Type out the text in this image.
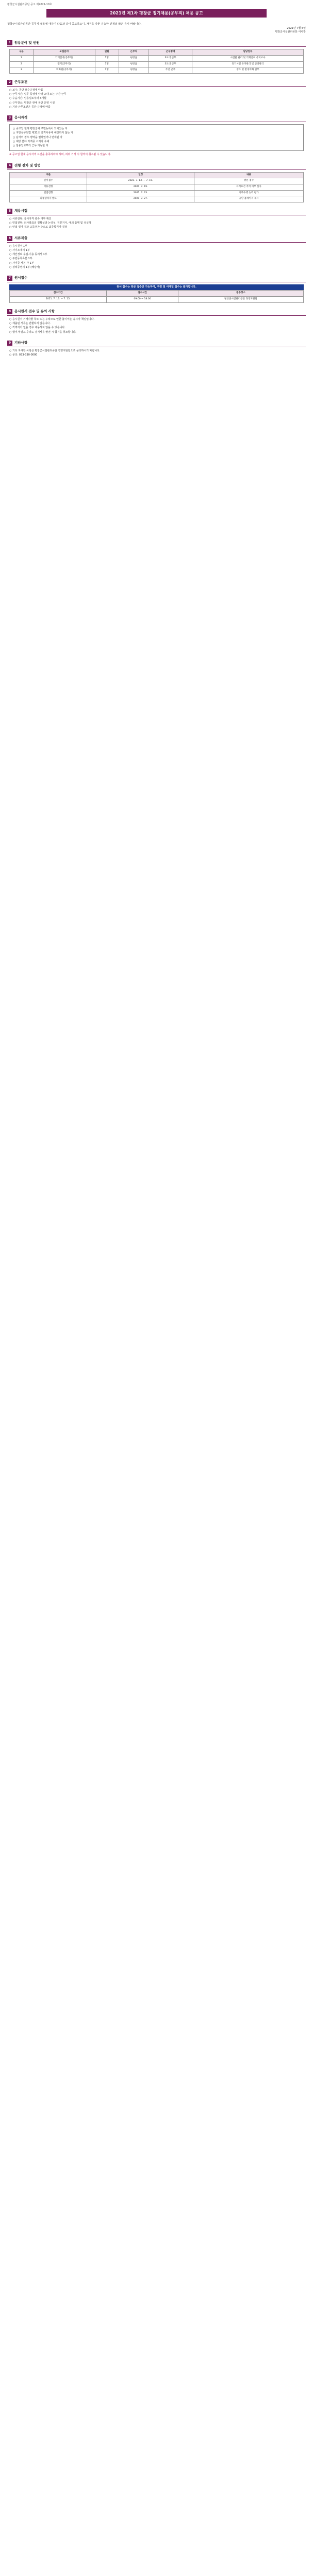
평창군시설관리공단 공고 제2021-10호
2021년 제1차 평창군 정기채용(공무직) 채용 공고
평창군시설관리공단 공무직 채용에 대하여 다음과 같이 공고하오니, 자격을 갖춘 유능한 인재의 많은 응시 바랍니다.
2021년 7월 6일
평창군시설관리공단 이사장
1	임용분야 및 인원
구분	모집분야	인원	근무처	근무형태	담당업무
1	기계설비(공무직)	1명	평창읍	3교대 근무	시설물 관리 및 기계설비 유지보수
2	전기(공무직)	1명	평창읍	3교대 근무	전기시설 유지관리 및 안전관리
3	미화원(공무직)	1명	평창읍	주간 근무	청소 및 환경미화 업무
2	근무조건
○ 보수: 공단 보수규정에 따름
○ 근무시간: 업무 특성에 따라 교대 또는 주간 근무
○ 수습기간: 임용일로부터 3개월
○ 근무장소: 평창군 관내 공단 운영 시설
○ 기타 근무조건은 공단 규정에 따름
3	응시자격
○ 공고일 현재 평창군에 주민등록이 되어있는 자
○ 지방공무원법 제31조 결격사유에 해당하지 않는 자
○ 남자의 경우 병역을 필하였거나 면제된 자
○ 해당 분야 자격증 소지자 우대
○ 임용일로부터 근무 가능한 자
※ 공고일 현재 응시자격 요건을 충족하여야 하며, 허위 기재 시 합격이 취소될 수 있습니다.
4	전형 절차 및 방법
구분	일정	내용
원서접수	2021. 7. 13. ~ 7. 15.	방문 접수
서류전형	2021. 7. 19.	자격요건 적격 여부 심사
면접전형	2021. 7. 23.	직무수행 능력 평가
최종합격자 발표	2021. 7. 27.	공단 홈페이지 게시
5	채용시험
○ 서류전형: 응시자격 충족 여부 확인
○ 면접전형: 의사발표의 정확성과 논리성, 전문지식, 예의·품행 및 성실성
○ 면접 평가 결과 고득점자 순으로 최종합격자 결정
6	서류제출
○ 응시원서 1부
○ 자기소개서 1부
○ 개인정보 수집·이용 동의서 1부
○ 주민등록초본 1부
○ 자격증 사본 각 1부
○ 경력증명서 1부 (해당자)
7	원서접수
원서 접수는 방문 접수만 가능하며, 우편 및 이메일 접수는 불가합니다.
접수기간	접수시간	접수장소
2021. 7. 13. ~ 7. 15.	09:00 ~ 18:00	평창군시설관리공단 경영지원팀
8	응시원서 접수 및 유의 사항
○ 응시원서 기재사항 착오 또는 누락으로 인한 불이익은 응시자 책임입니다.
○ 제출된 서류는 반환하지 않습니다.
○ 적격자가 없을 경우 채용하지 않을 수 있습니다.
○ 합격자 발표 후라도 결격사유 발견 시 합격을 취소합니다.
9	기타사항
○ 기타 자세한 사항은 평창군시설관리공단 경영지원팀으로 문의하시기 바랍니다.
○ 문의: 033-330-0000
